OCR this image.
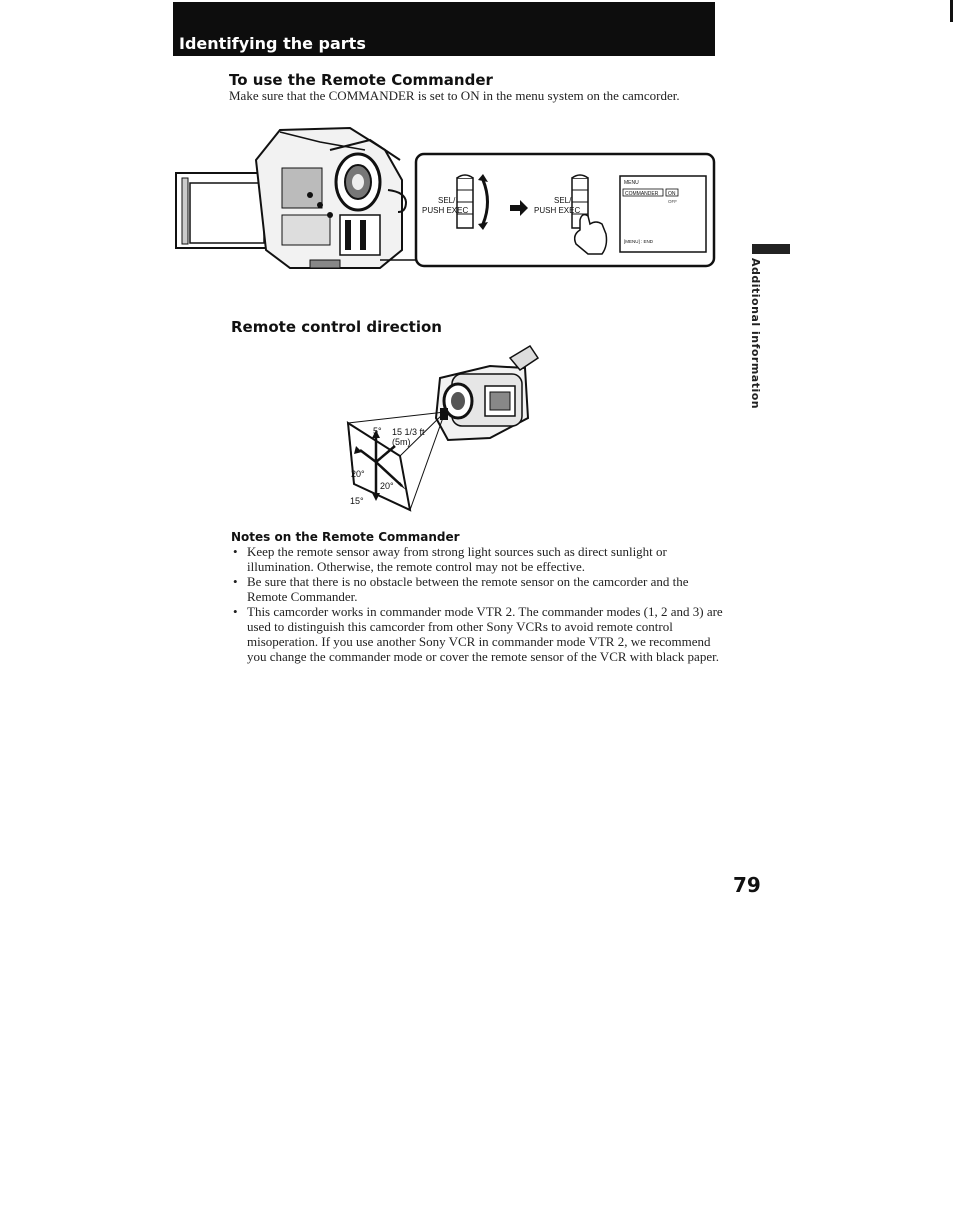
Identifying the parts
To use the Remote Commander
Make sure that the COMMANDER is set to ON in the menu system on the camcorder.
SEL/
PUSH EXEC
SEL/
PUSH EXEC
MENU
COMMANDER ON
OFF
[MENU] : END
Remote control direction
5° 15 1/3 ft
(5m)
20°
20°
15°
Notes on the Remote Commander
• Keep the remote sensor away from strong light sources such as direct sunlight or illumination. Otherwise, the remote control may not be effective.
• Be sure that there is no obstacle between the remote sensor on the camcorder and the Remote Commander.
• This camcorder works in commander mode VTR 2. The commander modes (1, 2 and 3) are used to distinguish this camcorder from other Sony VCRs to avoid remote control misoperation. If you use another Sony VCR in commander mode VTR 2, we recommend you change the commander mode or cover the remote sensor of the VCR with black paper.
Additional information
79
